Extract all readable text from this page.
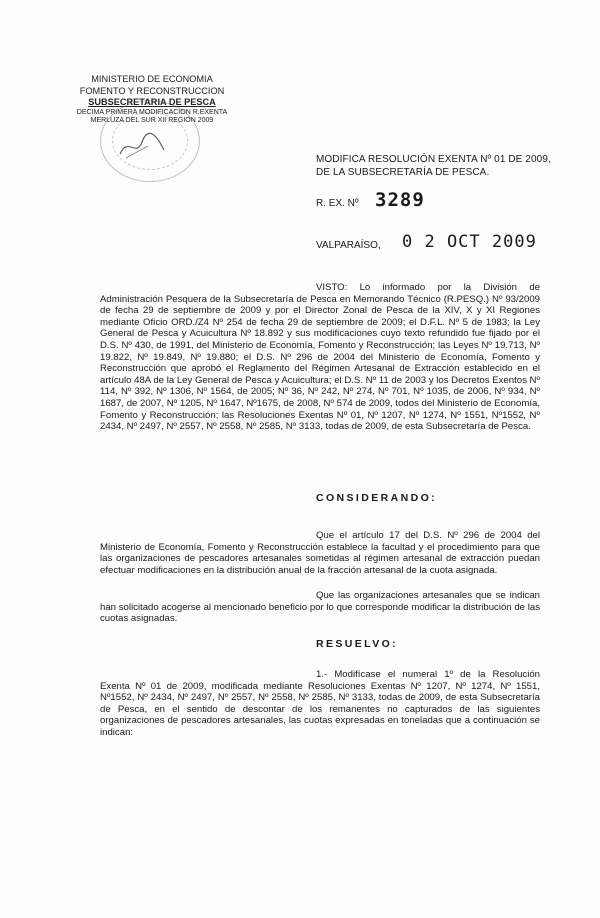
MINISTERIO DE ECONOMIA
FOMENTO Y RECONSTRUCCION
SUBSECRETARIA DE PESCA
DECIMA PRIMERA MODIFICACION R.EXENTA
MERLUZA DEL SUR XII REGION 2009
MODIFICA RESOLUCIÓN EXENTA Nº 01 DE 2009, DE LA SUBSECRETARÍA DE PESCA.
R. EX. Nº 3289
VALPARAÍSO, 0 2 OCT 2009
VISTO: Lo informado por la División de Administración Pesquera de la Subsecretaría de Pesca en Memorando Técnico (R.PESQ.) Nº 93/2009 de fecha 29 de septiembre de 2009 y por el Director Zonal de Pesca de la XIV, X y XI Regiones mediante Oficio ORD./Z4 Nº 254 de fecha 29 de septiembre de 2009; el D.F.L. Nº 5 de 1983; la Ley General de Pesca y Acuicultura Nº 18.892 y sus modificaciones cuyo texto refundido fue fijado por el D.S. Nº 430, de 1991, del Ministerio de Economía, Fomento y Reconstrucción; las Leyes Nº 19.713, Nº 19.822, Nº 19.849, Nº 19.880; el D.S. Nº 296 de 2004 del Ministerio de Economía, Fomento y Reconstrucción que aprobó el Reglamento del Régimen Artesanal de Extracción establecido en el artículo 48A de la Ley General de Pesca y Acuicultura; el D.S. Nº 11 de 2003 y los Decretos Exentos Nº 114, Nº 392, Nº 1306, Nº 1564, de 2005; Nº 36, Nº 242, Nº 274, Nº 701, Nº 1035, de 2006, Nº 934, Nº 1687, de 2007, Nº 1205, Nº 1647, Nº1675, de 2008, Nº 574 de 2009, todos del Ministerio de Economía, Fomento y Reconstrucción; las Resoluciones Exentas Nº 01, Nº 1207, Nº 1274, Nº 1551, Nº1552, Nº 2434, Nº 2497, Nº 2557, Nº 2558, Nº 2585, Nº 3133, todas de 2009, de esta Subsecretaría de Pesca.
CONSIDERANDO:
Que el artículo 17 del D.S. Nº 296 de 2004 del Ministerio de Economía, Fomento y Reconstrucción establece la facultad y el procedimiento para que las organizaciones de pescadores artesanales sometidas al régimen artesanal de extracción puedan efectuar modificaciones en la distribución anual de la fracción artesanal de la cuota asignada.
Que las organizaciones artesanales que se indican han solicitado acogerse al mencionado beneficio por lo que corresponde modificar la distribución de las cuotas asignadas.
RESUELVO:
1.- Modifícase el numeral 1º de la Resolución Exenta Nº 01 de 2009, modificada mediante Resoluciones Exentas Nº 1207, Nº 1274, Nº 1551, Nº1552, Nº 2434, Nº 2497, Nº 2557, Nº 2558, Nº 2585, Nº 3133, todas de 2009, de esta Subsecretaría de Pesca, en el sentido de descontar de los remanentes no capturados de las siguientes organizaciones de pescadores artesanales, las cuotas expresadas en toneladas que a continuación se indican:
